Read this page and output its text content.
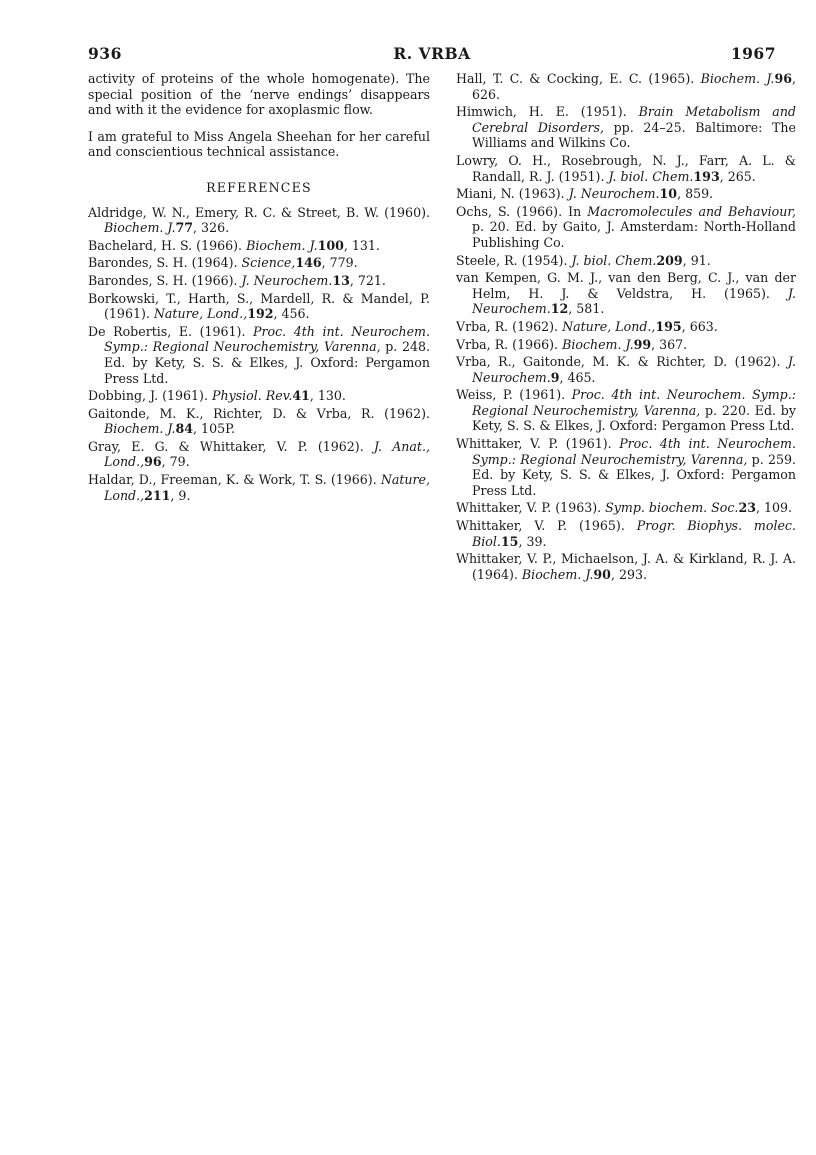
936	R. VRBA	1967

activity of proteins of the whole homogenate). The special position of the ‘nerve endings’ disappears and with it the evidence for axoplasmic flow.

I am grateful to Miss Angela Sheehan for her careful and conscientious technical assistance.

REFERENCES

Aldridge, W. N., Emery, R. C. & Street, B. W. (1960). Biochem. J.77, 326.

Bachelard, H. S. (1966). Biochem. J.100, 131.

Barondes, S. H. (1964). Science,146, 779.

Barondes, S. H. (1966). J. Neurochem.13, 721.

Borkowski, T., Harth, S., Mardell, R. & Mandel, P. (1961). Nature, Lond.,192, 456.

De Robertis, E. (1961). Proc. 4th int. Neurochem. Symp.: Regional Neurochemistry, Varenna, p. 248. Ed. by Kety, S. S. & Elkes, J. Oxford: Pergamon Press Ltd.

Dobbing, J. (1961). Physiol. Rev.41, 130.

Gaitonde, M. K., Richter, D. & Vrba, R. (1962). Biochem. J.84, 105P.

Gray, E. G. & Whittaker, V. P. (1962). J. Anat., Lond.,96, 79.

Haldar, D., Freeman, K. & Work, T. S. (1966). Nature, Lond.,211, 9.

Hall, T. C. & Cocking, E. C. (1965). Biochem. J.96, 626.

Himwich, H. E. (1951). Brain Metabolism and Cerebral Disorders, pp. 24–25. Baltimore: The Williams and Wilkins Co.

Lowry, O. H., Rosebrough, N. J., Farr, A. L. & Randall, R. J. (1951). J. biol. Chem.193, 265.

Miani, N. (1963). J. Neurochem.10, 859.

Ochs, S. (1966). In Macromolecules and Behaviour, p. 20. Ed. by Gaito, J. Amsterdam: North-Holland Publishing Co.

Steele, R. (1954). J. biol. Chem.209, 91.

van Kempen, G. M. J., van den Berg, C. J., van der Helm, H. J. & Veldstra, H. (1965). J. Neurochem.12, 581.

Vrba, R. (1962). Nature, Lond.,195, 663.

Vrba, R. (1966). Biochem. J.99, 367.

Vrba, R., Gaitonde, M. K. & Richter, D. (1962). J. Neurochem.9, 465.

Weiss, P. (1961). Proc. 4th int. Neurochem. Symp.: Regional Neurochemistry, Varenna, p. 220. Ed. by Kety, S. S. & Elkes, J. Oxford: Pergamon Press Ltd.

Whittaker, V. P. (1961). Proc. 4th int. Neurochem. Symp.: Regional Neurochemistry, Varenna, p. 259. Ed. by Kety, S. S. & Elkes, J. Oxford: Pergamon Press Ltd.

Whittaker, V. P. (1963). Symp. biochem. Soc.23, 109.

Whittaker, V. P. (1965). Progr. Biophys. molec. Biol.15, 39.

Whittaker, V. P., Michaelson, J. A. & Kirkland, R. J. A. (1964). Biochem. J.90, 293.
